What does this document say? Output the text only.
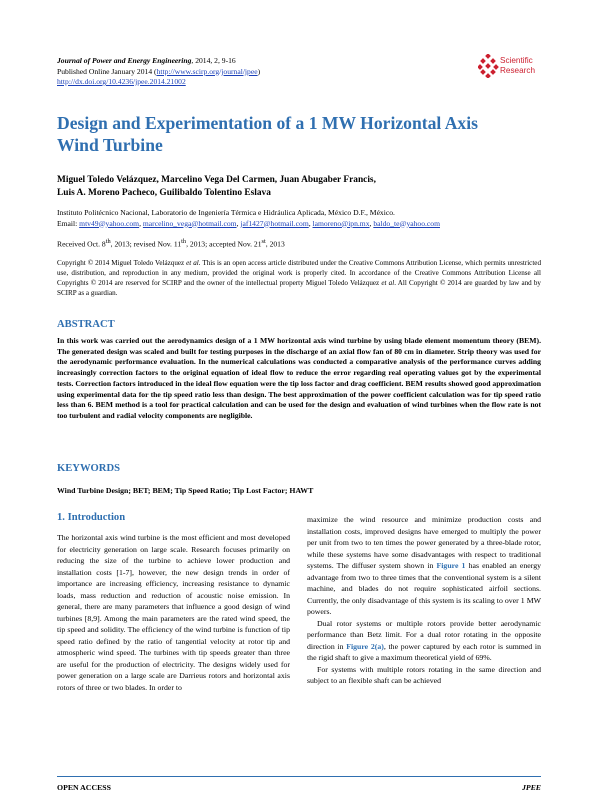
Journal of Power and Energy Engineering, 2014, 2, 9-16
Published Online January 2014 (http://www.scirp.org/journal/jpee)
http://dx.doi.org/10.4236/jpee.2014.21002
Scientific
Research
Design and Experimentation of a 1 MW Horizontal Axis
Wind Turbine
Miguel Toledo Velázquez, Marcelino Vega Del Carmen, Juan Abugaber Francis,
Luis A. Moreno Pacheco, Guilibaldo Tolentino Eslava
Instituto Politécnico Nacional, Laboratorio de Ingeniería Térmica e Hidráulica Aplicada, México D.F., México.
Email: mtv49@yahoo.com, marcelino_vega@hotmail.com, jaf1427@hotmail.com, lamoreno@ipn.mx, baldo_te@yahoo.com
Received Oct. 8th, 2013; revised Nov. 11th, 2013; accepted Nov. 21st, 2013
Copyright © 2014 Miguel Toledo Velázquez et al. This is an open access article distributed under the Creative Commons Attribution License, which permits unrestricted use, distribution, and reproduction in any medium, provided the original work is properly cited. In accordance of the Creative Commons Attribution License all Copyrights © 2014 are reserved for SCIRP and the owner of the intellectual property Miguel Toledo Velázquez et al. All Copyright © 2014 are guarded by law and by SCIRP as a guardian.
ABSTRACT
In this work was carried out the aerodynamics design of a 1 MW horizontal axis wind turbine by using blade element momentum theory (BEM). The generated design was scaled and built for testing purposes in the discharge of an axial flow fan of 80 cm in diameter. Strip theory was used for the aerodynamic performance evaluation. In the numerical calculations was conducted a comparative analysis of the performance curves adding increasingly correction factors to the original equation of ideal flow to reduce the error regarding real operating values got by the experimental tests. Correction factors introduced in the ideal flow equation were the tip loss factor and drag coefficient. BEM results showed good approximation using experimental data for the tip speed ratio less than design. The best approximation of the power coefficient calculation was for tip speed ratio less than 6. BEM method is a tool for practical calculation and can be used for the design and evaluation of wind turbines when the flow rate is not too turbulent and radial velocity components are negligible.
KEYWORDS
Wind Turbine Design; BET; BEM; Tip Speed Ratio; Tip Lost Factor; HAWT
1. Introduction

The horizontal axis wind turbine is the most efficient and most developed for electricity generation on large scale. Research focuses primarily on reducing the size of the turbine to achieve lower production and installation costs [1-7], however, the new design trends in order of importance are increasing efficiency, increasing resistance to dynamic loads, mass reduction and reduction of acoustic noise emission. In general, there are many parameters that influence a good design of wind turbines [8,9]. Among the main parameters are the rated wind speed, the tip speed and solidity. The efficiency of the wind turbine is function of tip speed ratio defined by the ratio of tangential velocity at rotor tip and atmospheric wind speed. The turbines with tip speeds greater than three are useful for the production of electricity. The designs widely used for power generation on a large scale are Darrieus rotors and horizontal axis rotors of three or two blades. In order to

maximize the wind resource and minimize production costs and installation costs, improved designs have emerged to multiply the power per unit from two to ten times the power generated by a three-blade rotor, while these systems have some disadvantages with respect to traditional systems. The diffuser system shown in Figure 1 has enabled an energy advantage from two to three times that the conventional system is a silent machine, and blades do not require sophisticated airfoil sections. Currently, the only disadvantage of this system is its scaling to over 1 MW powers.

Dual rotor systems or multiple rotors provide better aerodynamic performance than Betz limit. For a dual rotor rotating in the opposite direction in Figure 2(a), the power captured by each rotor is summed in the rigid shaft to give a maximum theoretical yield of 69%.

For systems with multiple rotors rotating in the same direction and subject to an flexible shaft can be achieved

OPEN ACCESS	JPEE
